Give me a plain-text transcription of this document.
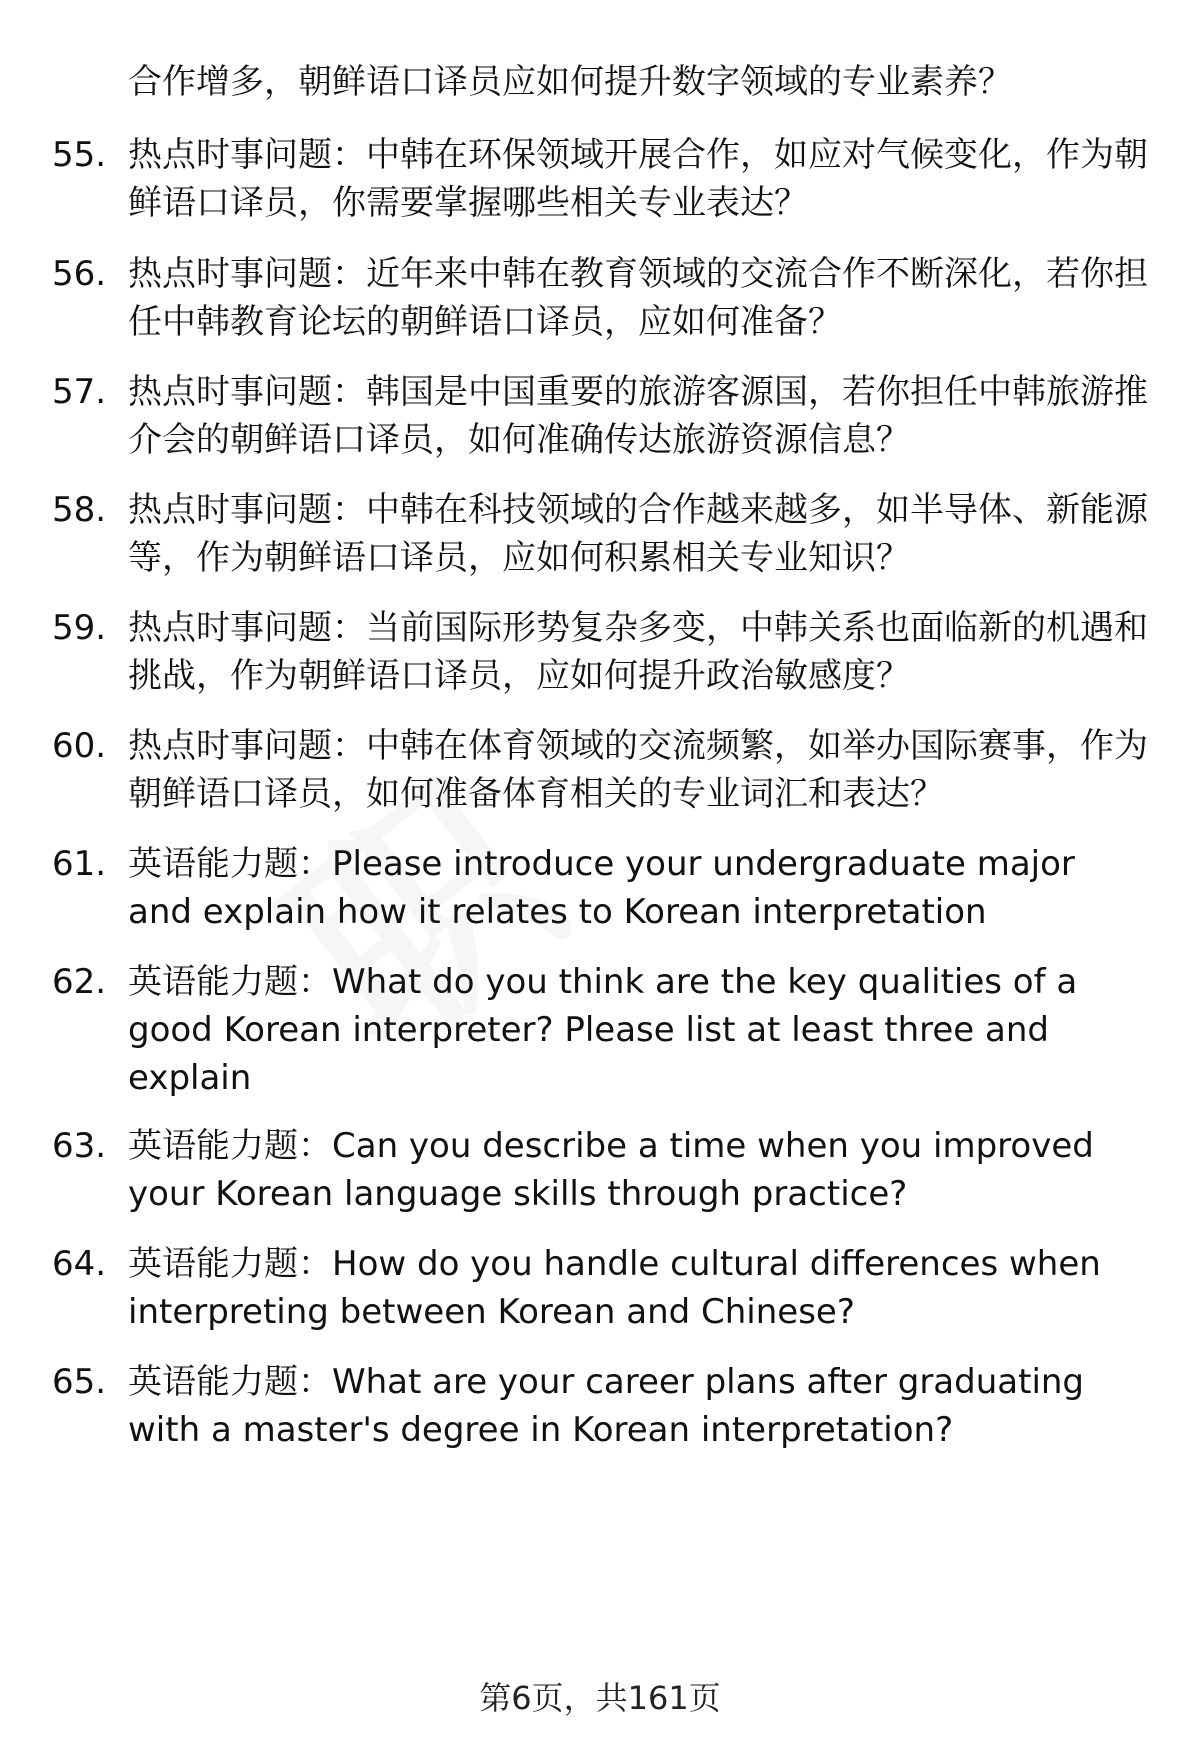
合作增多，朝鲜语口译员应如何提升数字领域的专业素养？
55. 热点时事问题：中韩在环保领域开展合作，如应对气候变化，作为朝鲜语口译员，你需要掌握哪些相关专业表达？
56. 热点时事问题：近年来中韩在教育领域的交流合作不断深化，若你担任中韩教育论坛的朝鲜语口译员，应如何准备？
57. 热点时事问题：韩国是中国重要的旅游客源国，若你担任中韩旅游推介会的朝鲜语口译员，如何准确传达旅游资源信息？
58. 热点时事问题：中韩在科技领域的合作越来越多，如半导体、新能源等，作为朝鲜语口译员，应如何积累相关专业知识？
59. 热点时事问题：当前国际形势复杂多变，中韩关系也面临新的机遇和挑战，作为朝鲜语口译员，应如何提升政治敏感度？
60. 热点时事问题：中韩在体育领域的交流频繁，如举办国际赛事，作为朝鲜语口译员，如何准备体育相关的专业词汇和表达？
61. 英语能力题：Please introduce your undergraduate major and explain how it relates to Korean interpretation
62. 英语能力题：What do you think are the key qualities of a good Korean interpreter? Please list at least three and explain
63. 英语能力题：Can you describe a time when you improved your Korean language skills through practice?
64. 英语能力题：How do you handle cultural differences when interpreting between Korean and Chinese?
65. 英语能力题：What are your career plans after graduating with a master's degree in Korean interpretation?
第6页，共161页
